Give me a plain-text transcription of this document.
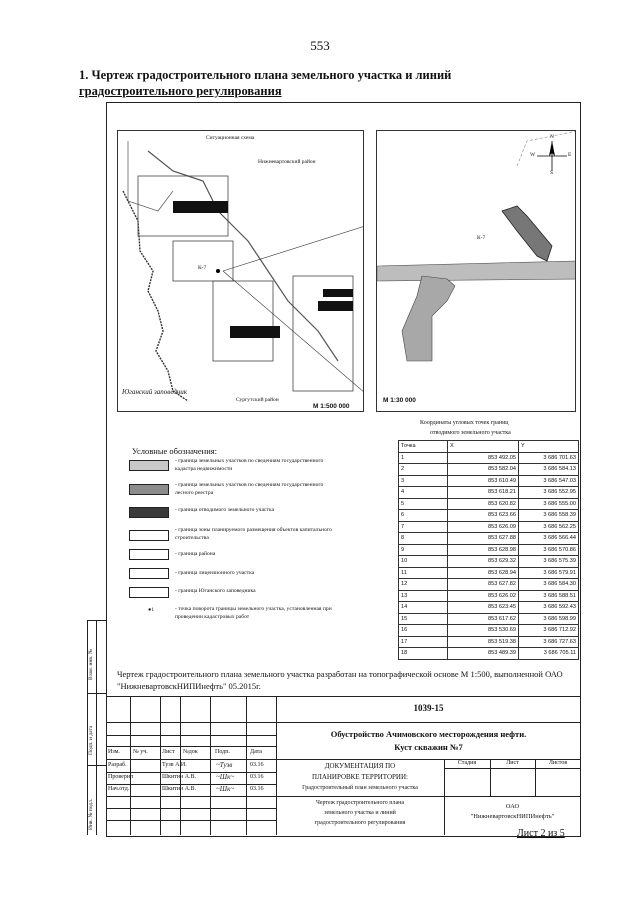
553
1. Чертеж градостроительного плана земельного участка и линий
градостроительного регулирования
Ситуационная схема
Нижневартовский район
К-7
Юганский заповедник
Сургутский район
М 1:500 000
N
S
W	E
К-7
М 1:30 000
Условные обозначения:
- граница земельных участков по сведениям государственного кадастра недвижимости
- граница земельных участков по сведениям государственного лесного реестра
- граница отводимого земельного участка
- граница зоны планируемого размещения объектов капитального строительства
- граница района
- граница лицензионного участка
- граница Юганского заповедника
●1	- точка поворота границы земельного участка, установленная при проведении кадастровых работ
Координаты угловых точек границ
отводимого земельного участка
Точка	X	Y
1	853 492.05	3 686 701.63
2	853 582.04	3 686 584.13
3	853 610.49	3 686 547.03
4	853 618.21	3 686 552.95
5	853 620.82	3 686 555.00
6	853 623.66	3 686 558.39
7	853 626.09	3 686 562.25
8	853 627.88	3 686 566.44
9	853 628.98	3 686 570.86
10	853 629.32	3 686 575.39
11	853 628.94	3 686 579.91
12	853 627.82	3 686 584.30
13	853 626.02	3 686 588.51
14	853 623.45	3 686 592.43
15	853 617.62	3 686 598.99
16	853 530.69	3 686 712.92
17	853 519.38	3 686 727.63
18	853 489.39	3 686 705.11
Чертеж градостроительного плана земельного участка разработан на топографической основе М 1:500, выполненной ОАО "НижневартовскНИПИнефть" 05.2015г.
Взам. инв. №
Подп. и дата
Инв. № подл.
1039-15
Обустройство Ачимовского месторождения нефти.
Куст скважин №7
Изм. № уч. Лист №док	Подп.	Дата
Разраб.	Тузв А.И.	~Тузв	03.16
Проверил	Шкитин А.В.	~Шк~	03.16
Нач.отд.	Шкитин А.В.	~Шк~	03.16
ДОКУМЕНТАЦИЯ ПО
ПЛАНИРОВКЕ ТЕРРИТОРИИ:
Градостроительный план земельного участка
Чертеж градостроительного плана
земельного участка и линий
градостроительного регулирования
Стадия	Лист	Листов
ОАО
"НижневартовскНИПИнефть"
Лист 2 из 5
